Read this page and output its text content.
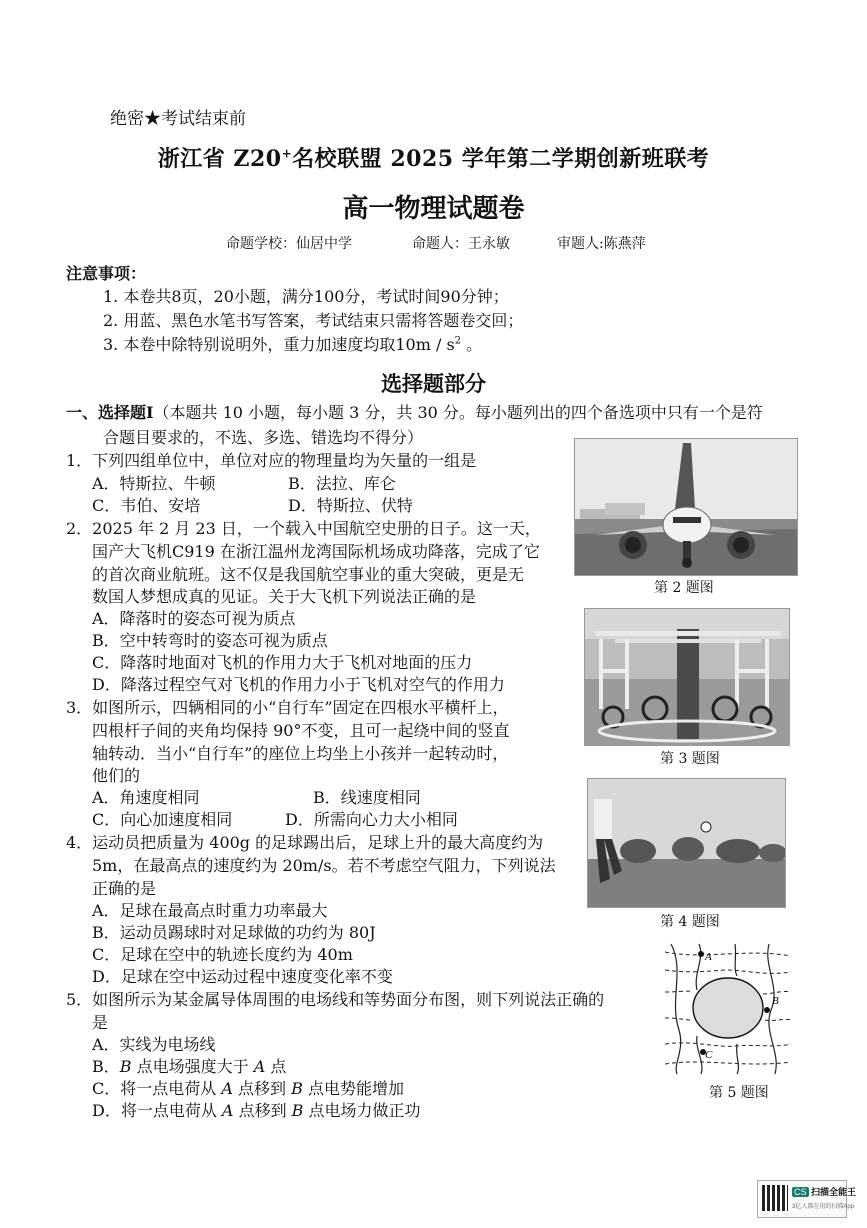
绝密★考试结束前
浙江省 Z20+名校联盟 2025 学年第二学期创新班联考
高一物理试题卷
命题学校：仙居中学	命题人：王永敏	审题人:陈燕萍
注意事项：
1. 本卷共8页，20小题，满分100分，考试时间90分钟；
2. 用蓝、黑色水笔书写答案，考试结束只需将答题卷交回；
3. 本卷中除特别说明外，重力加速度均取$10m / s^2$ 。
选择题部分
一、选择题Ⅰ（本题共 10 小题，每小题 3 分，共 30 分。每小题列出的四个备选项中只有一个是符
合题目要求的，不选、多选、错选均不得分）
1．下列四组单位中，单位对应的物理量均为矢量的一组是
A．特斯拉、牛顿	B．法拉、库仑
C．韦伯、安培	D．特斯拉、伏特
2．2025 年 2 月 23 日，一个载入中国航空史册的日子。这一天，
国产大飞机C919 在浙江温州龙湾国际机场成功降落，完成了它
的首次商业航班。这不仅是我国航空事业的重大突破，更是无
数国人梦想成真的见证。关于大飞机下列说法正确的是
A．降落时的姿态可视为质点
B．空中转弯时的姿态可视为质点
C．降落时地面对飞机的作用力大于飞机对地面的压力
D．降落过程空气对飞机的作用力小于飞机对空气的作用力
3．如图所示，四辆相同的小“自行车”固定在四根水平横杆上，
四根杆子间的夹角均保持 90°不变，且可一起绕中间的竖直
轴转动．当小“自行车”的座位上均坐上小孩并一起转动时，
他们的
A．角速度相同	B．线速度相同
C．向心加速度相同	D．所需向心力大小相同
4．运动员把质量为 400g 的足球踢出后，足球上升的最大高度约为
5m，在最高点的速度约为 20m/s。若不考虑空气阻力，下列说法
正确的是
A．足球在最高点时重力功率最大
B．运动员踢球时对足球做的功约为 80J
C．足球在空中的轨迹长度约为 40m
D．足球在空中运动过程中速度变化率不变
5．如图所示为某金属导体周围的电场线和等势面分布图，则下列说法正确的
是
A．实线为电场线
B．B 点电场强度大于 A 点
C．将一点电荷从 A 点移到 B 点电势能增加
D．将一点电荷从 A 点移到 B 点电场力做正功
第 2 题图
第 3 题图
第 4 题图
A
B
C
第 5 题图
CS 扫描全能王
3亿人都在用的扫描App
